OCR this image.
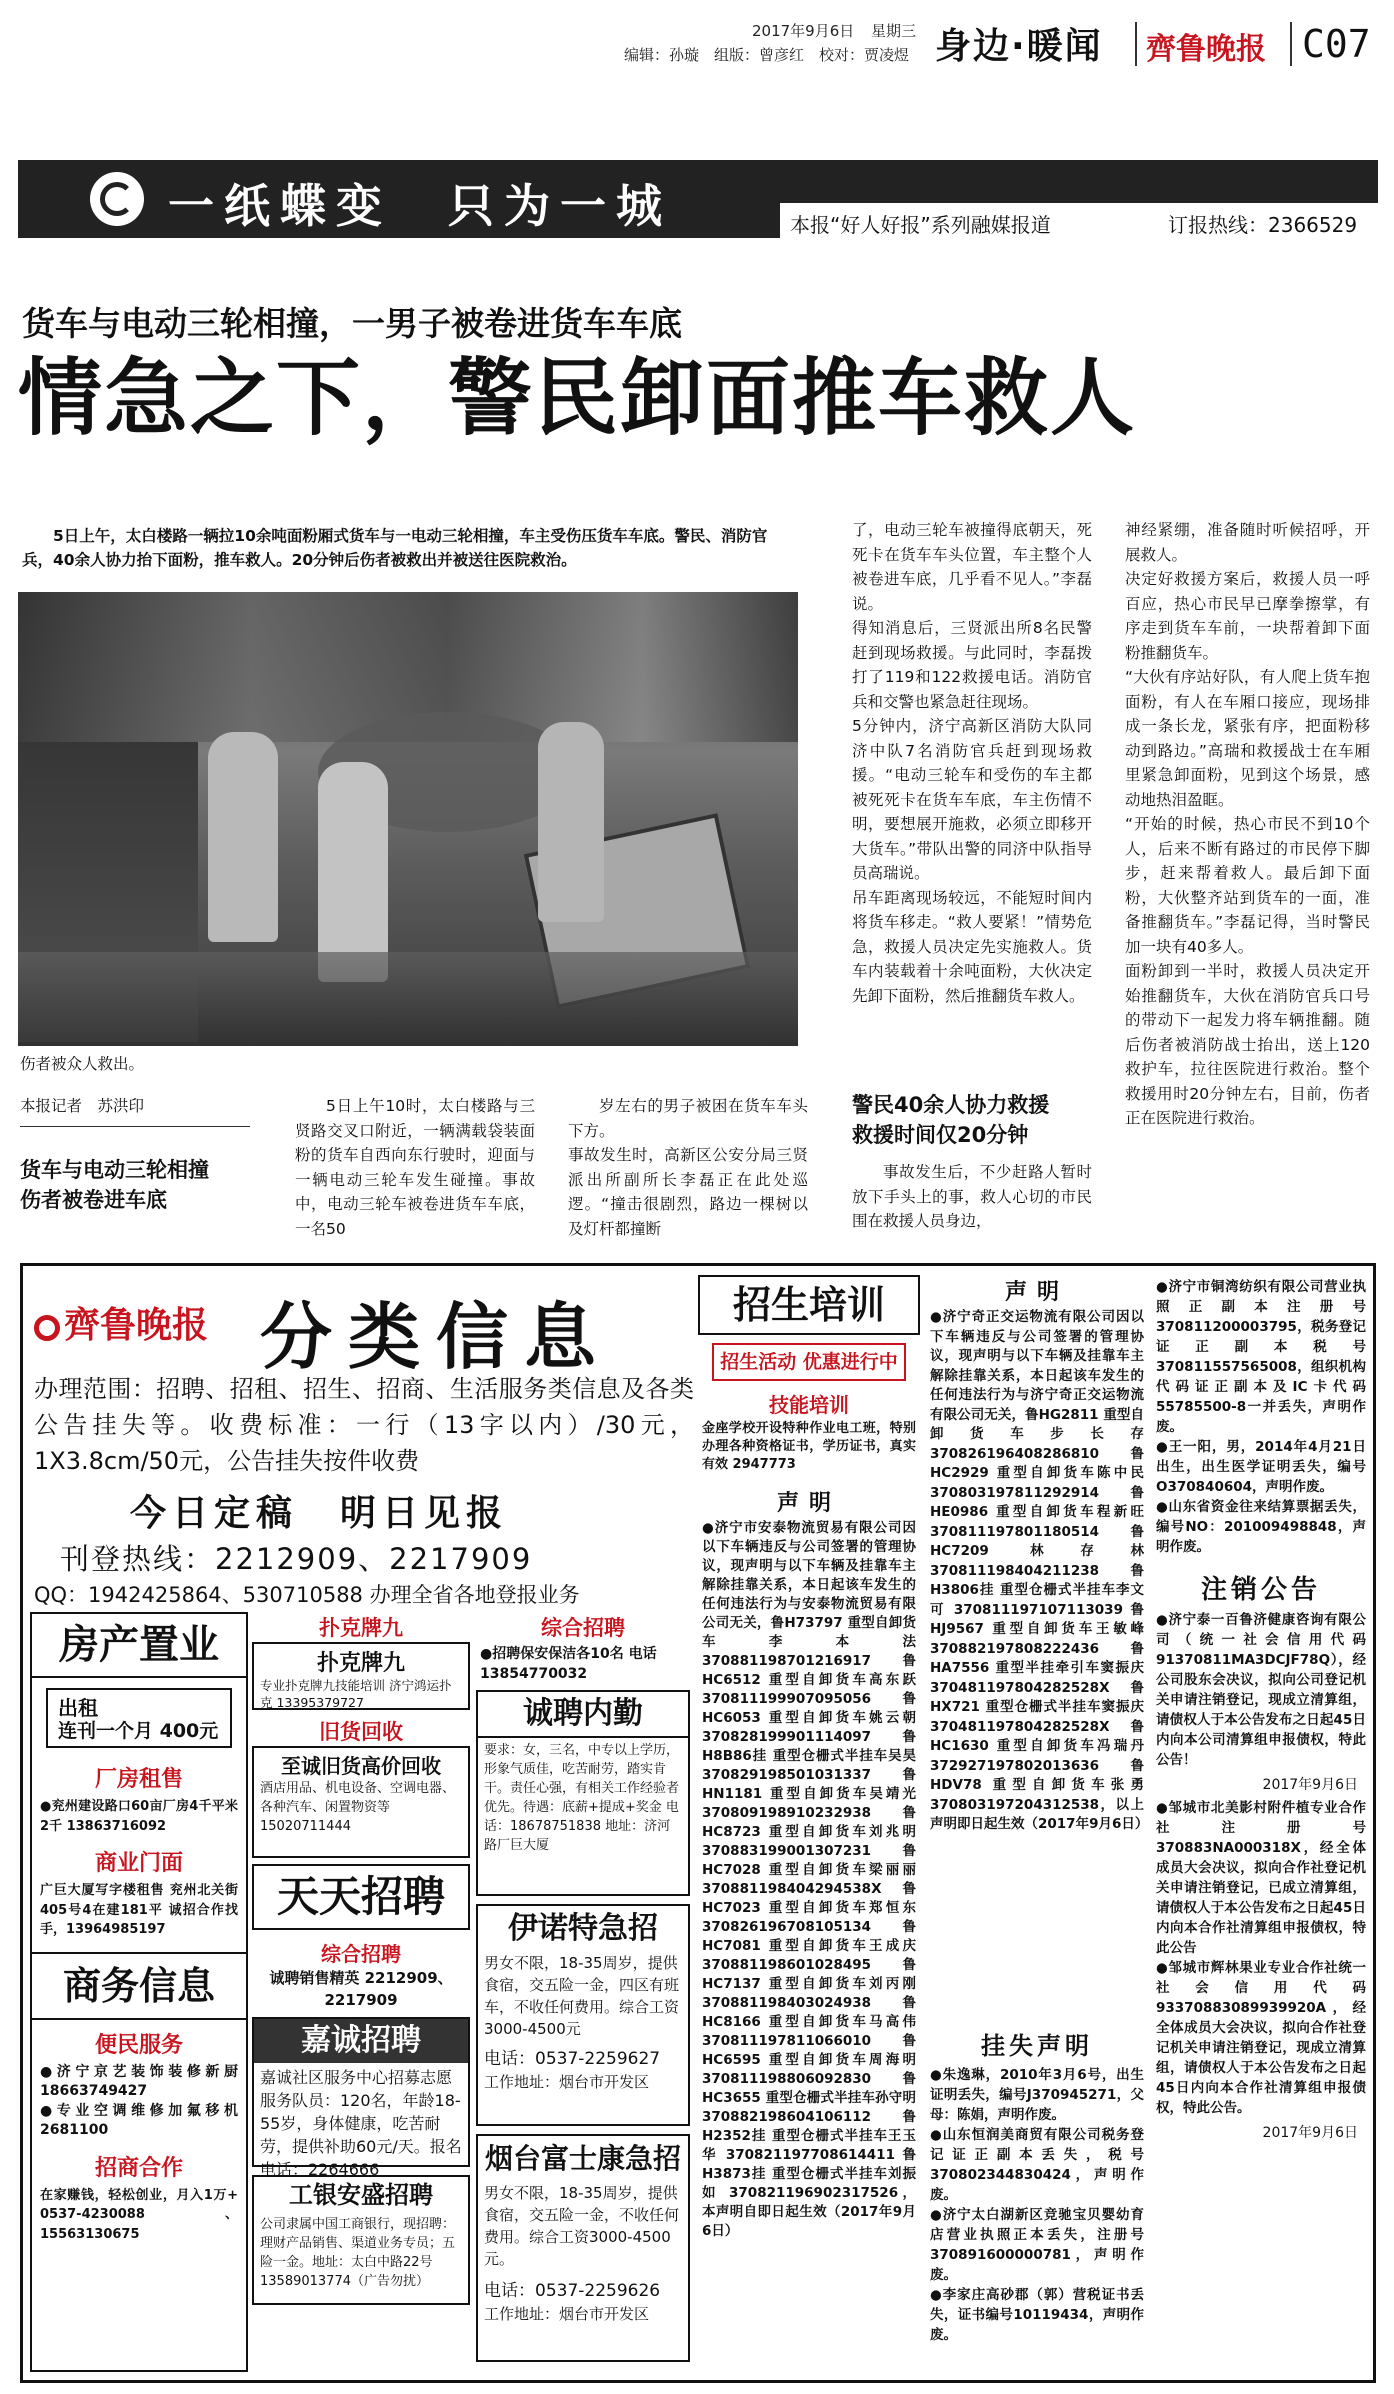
2017年9月6日 星期三
编辑：孙璇　组版：曾彦红　校对：贾凌煜 身边·暖闻 齊鲁晚报 C07
一纸蝶变　只为一城	本报“好人好报”系列融媒报道	订报热线：2366529
货车与电动三轮相撞，一男子被卷进货车车底
情急之下，警民卸面推车救人
5日上午，太白楼路一辆拉10余吨面粉厢式货车与一电动三轮相撞，车主受伤压货车车底。警民、消防官兵，40余人协力抬下面粉，推车救人。20分钟后伤者被救出并被送往医院救治。
伤者被众人救出。
本报记者　苏洪印
货车与电动三轮相撞
伤者被卷进车底

5日上午10时，太白楼路与三贤路交叉口附近，一辆满载袋装面粉的货车自西向东行驶时，迎面与一辆电动三轮车发生碰撞。事故中，电动三轮车被卷进货车车底，一名50

岁左右的男子被困在货车车头下方。
事故发生时，高新区公安分局三贤派出所副所长李磊正在此处巡逻。“撞击很剧烈，路边一棵树以及灯杆都撞断
了，电动三轮车被撞得底朝天，死死卡在货车车头位置，车主整个人被卷进车底，几乎看不见人。”李磊说。
得知消息后，三贤派出所8名民警赶到现场救援。与此同时，李磊拨打了119和122救援电话。消防官兵和交警也紧急赶往现场。
5分钟内，济宁高新区消防大队同济中队7名消防官兵赶到现场救援。“电动三轮车和受伤的车主都被死死卡在货车车底，车主伤情不明，要想展开施救，必须立即移开大货车。”带队出警的同济中队指导员高瑞说。
吊车距离现场较远，不能短时间内将货车移走。“救人要紧！”情势危急，救援人员决定先实施救人。货车内装载着十余吨面粉，大伙决定先卸下面粉，然后推翻货车救人。
警民40余人协力救援
救援时间仅20分钟
事故发生后，不少赶路人暂时放下手头上的事，救人心切的市民围在救援人员身边，
神经紧绷，准备随时听候招呼，开展救人。
决定好救援方案后，救援人员一呼百应，热心市民早已摩拳擦掌，有序走到货车车前，一块帮着卸下面粉推翻货车。
“大伙有序站好队，有人爬上货车抱面粉，有人在车厢口接应，现场排成一条长龙，紧张有序，把面粉移动到路边。”高瑞和救援战士在车厢里紧急卸面粉，见到这个场景，感动地热泪盈眶。
“开始的时候，热心市民不到10个人，后来不断有路过的市民停下脚步，赶来帮着救人。最后卸下面粉，大伙整齐站到货车的一面，准备推翻货车。”李磊记得，当时警民加一块有40多人。
面粉卸到一半时，救援人员决定开始推翻货车，大伙在消防官兵口号的带动下一起发力将车辆推翻。随后伤者被消防战士抬出，送上120救护车，拉往医院进行救治。整个救援用时20分钟左右，目前，伤者正在医院进行救治。
齊鲁晚报 分类信息
办理范围：招聘、招租、招生、招商、生活服务类信息及各类公告挂失等。收费标准：一行（13字以内）/30元，1X3.8cm/50元，公告挂失按件收费
今日定稿　明日见报
刊登热线：2212909、2217909
QQ：1942425864、530710588 办理全省各地登报业务
房产置业
出租
连刊一个月 400元
厂房租售
●兖州建设路口60亩厂房4千平米2千 13863716092
商业门面
广巨大厦写字楼租售 兖州北关街405号4在建181平 诚招合作找手，13964985197
商务信息
便民服务
●济宁京艺装饰装修新厨 18663749427
●专业空调维修加氟移机 2681100
招商合作
在家赚钱，轻松创业，月入1万+ 0537-4230088、15563130675
扑克牌九
扑克牌九
专业扑克牌九技能培训 济宁鸿运扑克 13395379727
旧货回收
至诚旧货高价回收
酒店用品、机电设备、空调电器、各种汽车、闲置物资等 15020711444
天天招聘
综合招聘
诚聘销售精英 2212909、2217909
嘉诚招聘
嘉诚社区服务中心招募志愿服务队员：120名，年龄18-55岁，身体健康，吃苦耐劳，提供补助60元/天。报名电话：2264666
工银安盛招聘
公司隶属中国工商银行，现招聘：理财产品销售、渠道业务专员；五险一金。地址：太白中路22号 13589013774（广告勿扰）
综合招聘
●招聘保安保洁各10名 电话13854770032
诚聘内勤
要求：女，三名，中专以上学历，形象气质佳，吃苦耐劳，踏实肯干。责任心强，有相关工作经验者优先。待遇：底薪+提成+奖金 电话：18678751838 地址：济河路厂巨大厦
伊诺特急招
男女不限，18-35周岁，提供食宿，交五险一金，四区有班车，不收任何费用。综合工资3000-4500元
电话：0537-2259627
工作地址：烟台市开发区
烟台富士康急招
男女不限，18-35周岁，提供食宿，交五险一金，不收任何费用。综合工资3000-4500元。
电话：0537-2259626
工作地址：烟台市开发区
招生培训
招生活动 优惠进行中
技能培训
金座学校开设特种作业电工班，特别办理各种资格证书，学历证书，真实有效 2947773
声明
●济宁市安泰物流贸易有限公司因以下车辆违反与公司签署的管理协议，现声明与以下车辆及挂靠车主解除挂靠关系，本日起该车发生的任何违法行为与安泰物流贸易有限公司无关，鲁H73797 重型自卸货车李本法 370881198701216917 鲁HC6512 重型自卸货车高东跃 370811199907095056 鲁HC6053 重型自卸货车姚云朝 370828199901114097 鲁H8B86挂 重型仓栅式半挂车吴昊 370829198501031337 鲁HN1181 重型自卸货车吴靖光 370809198910232938 鲁HC8723 重型自卸货车刘兆明 370883199001307231 鲁HC7028 重型自卸货车梁丽丽 370881198404294538X 鲁HC7023 重型自卸货车郑恒东 370826196708105134 鲁HC7081 重型自卸货车王成庆 370881198601028495 鲁HC7137 重型自卸货车刘丙刚 370881198403024938 鲁HC8166 重型自卸货车马高伟 370811197811066010 鲁HC6595 重型自卸货车周海明 370811198806092830 鲁HC3655 重型仓栅式半挂车孙守明 370882198604106112 鲁H2352挂 重型仓栅式半挂车王玉华 370821197708614411 鲁H3873挂 重型仓栅式半挂车刘振如 370821196902317526，本声明自即日起生效（2017年9月6日）
声明
●济宁奇正交运物流有限公司因以下车辆违反与公司签署的管理协议，现声明与以下车辆及挂靠车主解除挂靠关系，本日起该车发生的任何违法行为与济宁奇正交运物流有限公司无关，鲁HG2811 重型自卸货车步长存 370826196408286810 鲁HC2929 重型自卸货车陈中民 370803197811292914 鲁HE0986 重型自卸货车程新旺 370811197801180514 鲁HC7209 林存林 370811198404211238 鲁H3806挂 重型仓栅式半挂车李文可 370811197107113039 鲁HJ9567 重型自卸货车王敏峰 370882197808222436 鲁HA7556 重型半挂牵引车窦振庆 370481197804282528X 鲁HX721 重型仓栅式半挂车窦振庆 370481197804282528X 鲁HC1630 重型自卸货车冯瑞丹 372927197802013636 鲁HDV78 重型自卸货车张勇 370803197204312538，以上声明即日起生效（2017年9月6日）
挂失声明
●朱逸琳，2010年3月6号，出生证明丢失，编号J370945271，父母：陈娟，声明作废。
●山东恒润美商贸有限公司税务登记证正副本丢失，税号370802344830424，声明作废。
●济宁太白湖新区竞驰宝贝婴幼育店营业执照正本丢失，注册号370891600000781，声明作废。
●李家庄高砂郡（郭）营税证书丢失，证书编号10119434，声明作废。
●济宁市铜湾纺织有限公司营业执照正副本注册号370811200003795，税务登记证正副本税号370811557565008，组织机构代码证正副本及IC卡代码55785500-8一并丢失，声明作废。
●王一阳，男，2014年4月21日出生，出生医学证明丢失，编号O370840604，声明作废。
●山东省资金往来结算票据丢失，编号NO：201009498848，声明作废。
注销公告
●济宁泰一百鲁济健康咨询有限公司（统一社会信用代码91370811MA3DCJF78Q），经公司股东会决议，拟向公司登记机关申请注销登记，现成立清算组，请债权人于本公告发布之日起45日内向本公司清算组申报债权，特此公告！
2017年9月6日
●邹城市北美影村附件植专业合作社注册号370883NA000318X，经全体成员大会决议，拟向合作社登记机关申请注销登记，已成立清算组，请债权人于本公告发布之日起45日内向本合作社清算组申报债权，特此公告
●邹城市辉林果业专业合作社统一社会信用代码93370883089939920A，经全体成员大会决议，拟向合作社登记机关申请注销登记，现成立清算组，请债权人于本公告发布之日起45日内向本合作社清算组申报债权，特此公告。
2017年9月6日
